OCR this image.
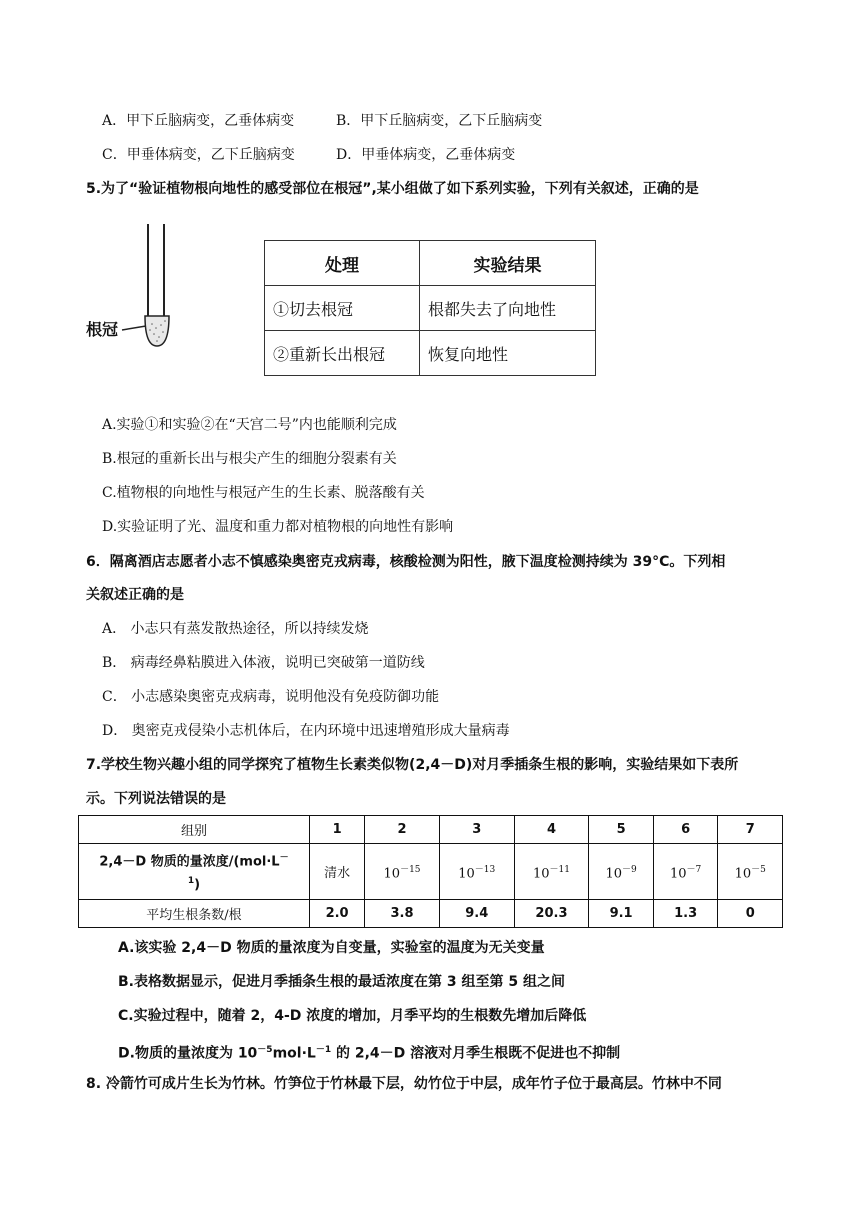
A．甲下丘脑病变，乙垂体病变	B．甲下丘脑病变，乙下丘脑病变
C．甲垂体病变，乙下丘脑病变	D．甲垂体病变，乙垂体病变
5.为了“验证植物根向地性的感受部位在根冠”,某小组做了如下系列实验，下列有关叙述，正确的是
根冠
处理	实验结果
①切去根冠	根都失去了向地性
②重新长出根冠	恢复向地性
A.实验①和实验②在“天宫二号”内也能顺利完成
B.根冠的重新长出与根尖产生的细胞分裂素有关
C.植物根的向地性与根冠产生的生长素、脱落酸有关
D.实验证明了光、温度和重力都对植物根的向地性有影响
6．隔离酒店志愿者小志不慎感染奥密克戎病毒，核酸检测为阳性，腋下温度检测持续为 39°C。下列相
关叙述正确的是
A． 小志只有蒸发散热途径，所以持续发烧
B． 病毒经鼻粘膜进入体液，说明已突破第一道防线
C． 小志感染奥密克戎病毒，说明他没有免疫防御功能
D． 奥密克戎侵染小志机体后，在内环境中迅速增殖形成大量病毒
7.学校生物兴趣小组的同学探究了植物生长素类似物(2,4－D)对月季插条生根的影响，实验结果如下表所
示。下列说法错误的是
组别	1	2	3	4	5	6	7
2,4－D 物质的量浓度/(mol·L－
$^1$)	清水	$10^{-15}$	$10^{-13}$	$10^{-11}$	$10^{-9}$	$10^{-7}$	$10^{-5}$
平均生根条数/根	2.0	3.8	9.4	20.3	9.1	1.3	0
A.该实验 2,4－D 物质的量浓度为自变量，实验室的温度为无关变量
B.表格数据显示，促进月季插条生根的最适浓度在第 3 组至第 5 组之间
C.实验过程中，随着 2，4-D 浓度的增加，月季平均的生根数先增加后降低
D.物质的量浓度为 $10^{-5}mol\cdot L^{-1}$ 的 2,4－D 溶液对月季生根既不促进也不抑制
8. 冷箭竹可成片生长为竹林。竹笋位于竹林最下层，幼竹位于中层，成年竹子位于最高层。竹林中不同
